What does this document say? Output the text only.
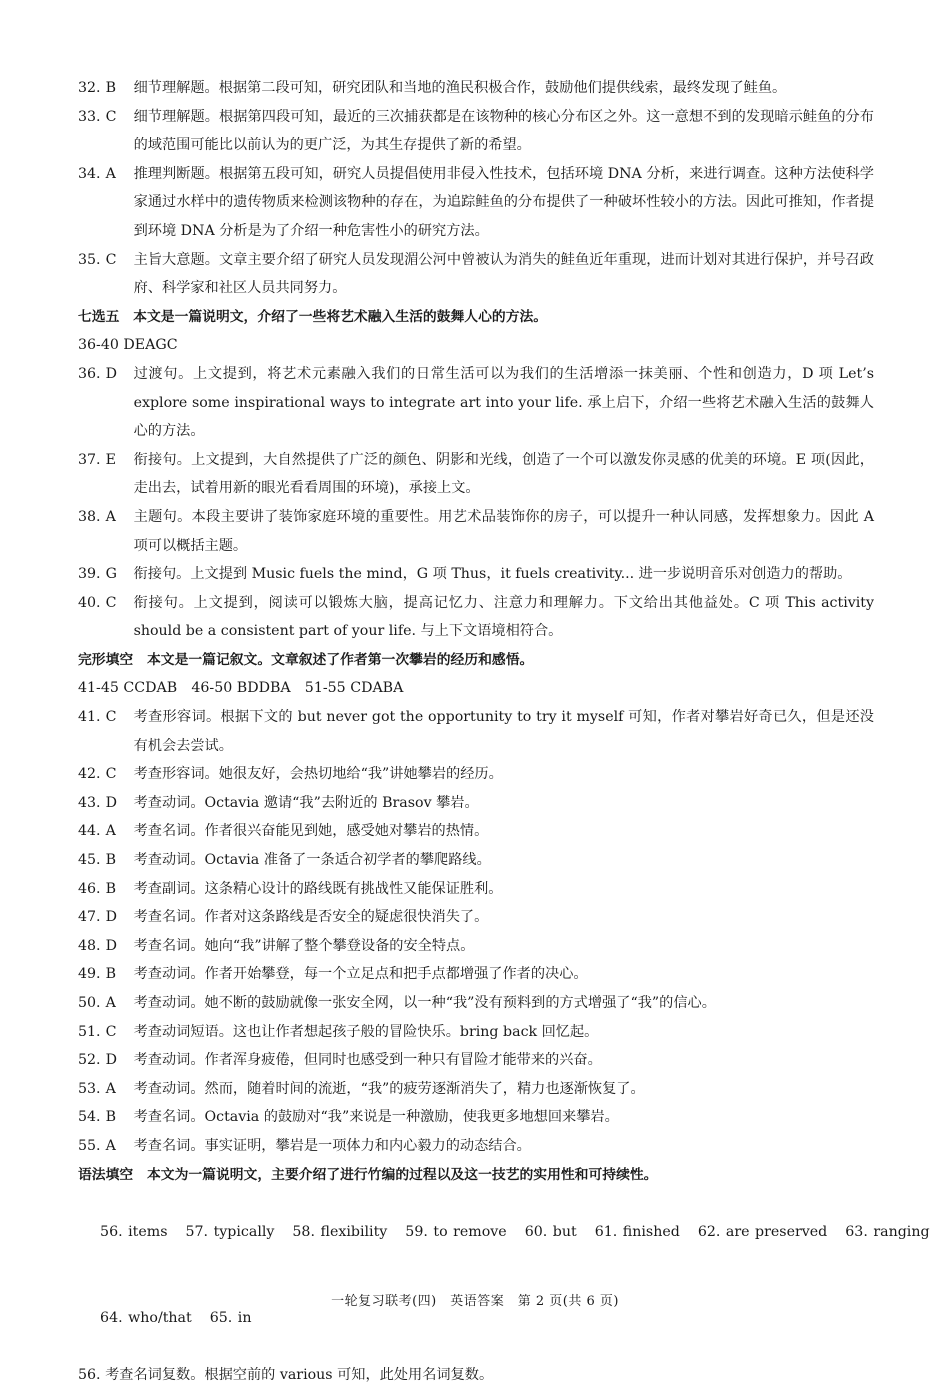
32. B	细节理解题。根据第二段可知，研究团队和当地的渔民积极合作，鼓励他们提供线索，最终发现了鲑鱼。
33. C	细节理解题。根据第四段可知，最近的三次捕获都是在该物种的核心分布区之外。这一意想不到的发现暗示鲑鱼的分布的域范围可能比以前认为的更广泛，为其生存提供了新的希望。
34. A	推理判断题。根据第五段可知，研究人员提倡使用非侵入性技术，包括环境 DNA 分析，来进行调查。这种方法使科学家通过水样中的遗传物质来检测该物种的存在，为追踪鲑鱼的分布提供了一种破坏性较小的方法。因此可推知，作者提到环境 DNA 分析是为了介绍一种危害性小的研究方法。
35. C	主旨大意题。文章主要介绍了研究人员发现湄公河中曾被认为消失的鲑鱼近年重现，进而计划对其进行保护，并号召政府、科学家和社区人员共同努力。
七选五　本文是一篇说明文，介绍了一些将艺术融入生活的鼓舞人心的方法。
36-40 DEAGC
36. D	过渡句。上文提到，将艺术元素融入我们的日常生活可以为我们的生活增添一抹美丽、个性和创造力，D 项 Let’s explore some inspirational ways to integrate art into your life. 承上启下，介绍一些将艺术融入生活的鼓舞人心的方法。
37. E	衔接句。上文提到，大自然提供了广泛的颜色、阴影和光线，创造了一个可以激发你灵感的优美的环境。E 项(因此，走出去，试着用新的眼光看看周围的环境)，承接上文。
38. A	主题句。本段主要讲了装饰家庭环境的重要性。用艺术品装饰你的房子，可以提升一种认同感，发挥想象力。因此 A 项可以概括主题。
39. G	衔接句。上文提到 Music fuels the mind，G 项 Thus，it fuels creativity... 进一步说明音乐对创造力的帮助。
40. C	衔接句。上文提到，阅读可以锻炼大脑，提高记忆力、注意力和理解力。下文给出其他益处。C 项 This activity should be a consistent part of your life. 与上下文语境相符合。
完形填空　本文是一篇记叙文。文章叙述了作者第一次攀岩的经历和感悟。
41-45 CCDAB　46-50 BDDBA　51-55 CDABA
41. C	考查形容词。根据下文的 but never got the opportunity to try it myself 可知，作者对攀岩好奇已久，但是还没有机会去尝试。
42. C	考查形容词。她很友好，会热切地给“我”讲她攀岩的经历。
43. D	考查动词。Octavia 邀请“我”去附近的 Brasov 攀岩。
44. A	考查名词。作者很兴奋能见到她，感受她对攀岩的热情。
45. B	考查动词。Octavia 准备了一条适合初学者的攀爬路线。
46. B	考查副词。这条精心设计的路线既有挑战性又能保证胜利。
47. D	考查名词。作者对这条路线是否安全的疑虑很快消失了。
48. D	考查名词。她向“我”讲解了整个攀登设备的安全特点。
49. B	考查动词。作者开始攀登，每一个立足点和把手点都增强了作者的决心。
50. A	考查动词。她不断的鼓励就像一张安全网，以一种“我”没有预料到的方式增强了“我”的信心。
51. C	考查动词短语。这也让作者想起孩子般的冒险快乐。bring back 回忆起。
52. D	考查动词。作者浑身疲倦，但同时也感受到一种只有冒险才能带来的兴奋。
53. A	考查动词。然而，随着时间的流逝，“我”的疲劳逐渐消失了，精力也逐渐恢复了。
54. B	考查名词。Octavia 的鼓励对“我”来说是一种激励，使我更多地想回来攀岩。
55. A	考查名词。事实证明，攀岩是一项体力和内心毅力的动态结合。
语法填空　本文为一篇说明文，主要介绍了进行竹编的过程以及这一技艺的实用性和可持续性。

56. items 57. typically 58. flexibility 59. to remove 60. but 61. finished 62. are preserved 63. ranging

64. who/that 65. in

56. 考查名词复数。根据空前的 various 可知，此处用名词复数。
一轮复习联考(四)　英语答案　第 2 页(共 6 页)
